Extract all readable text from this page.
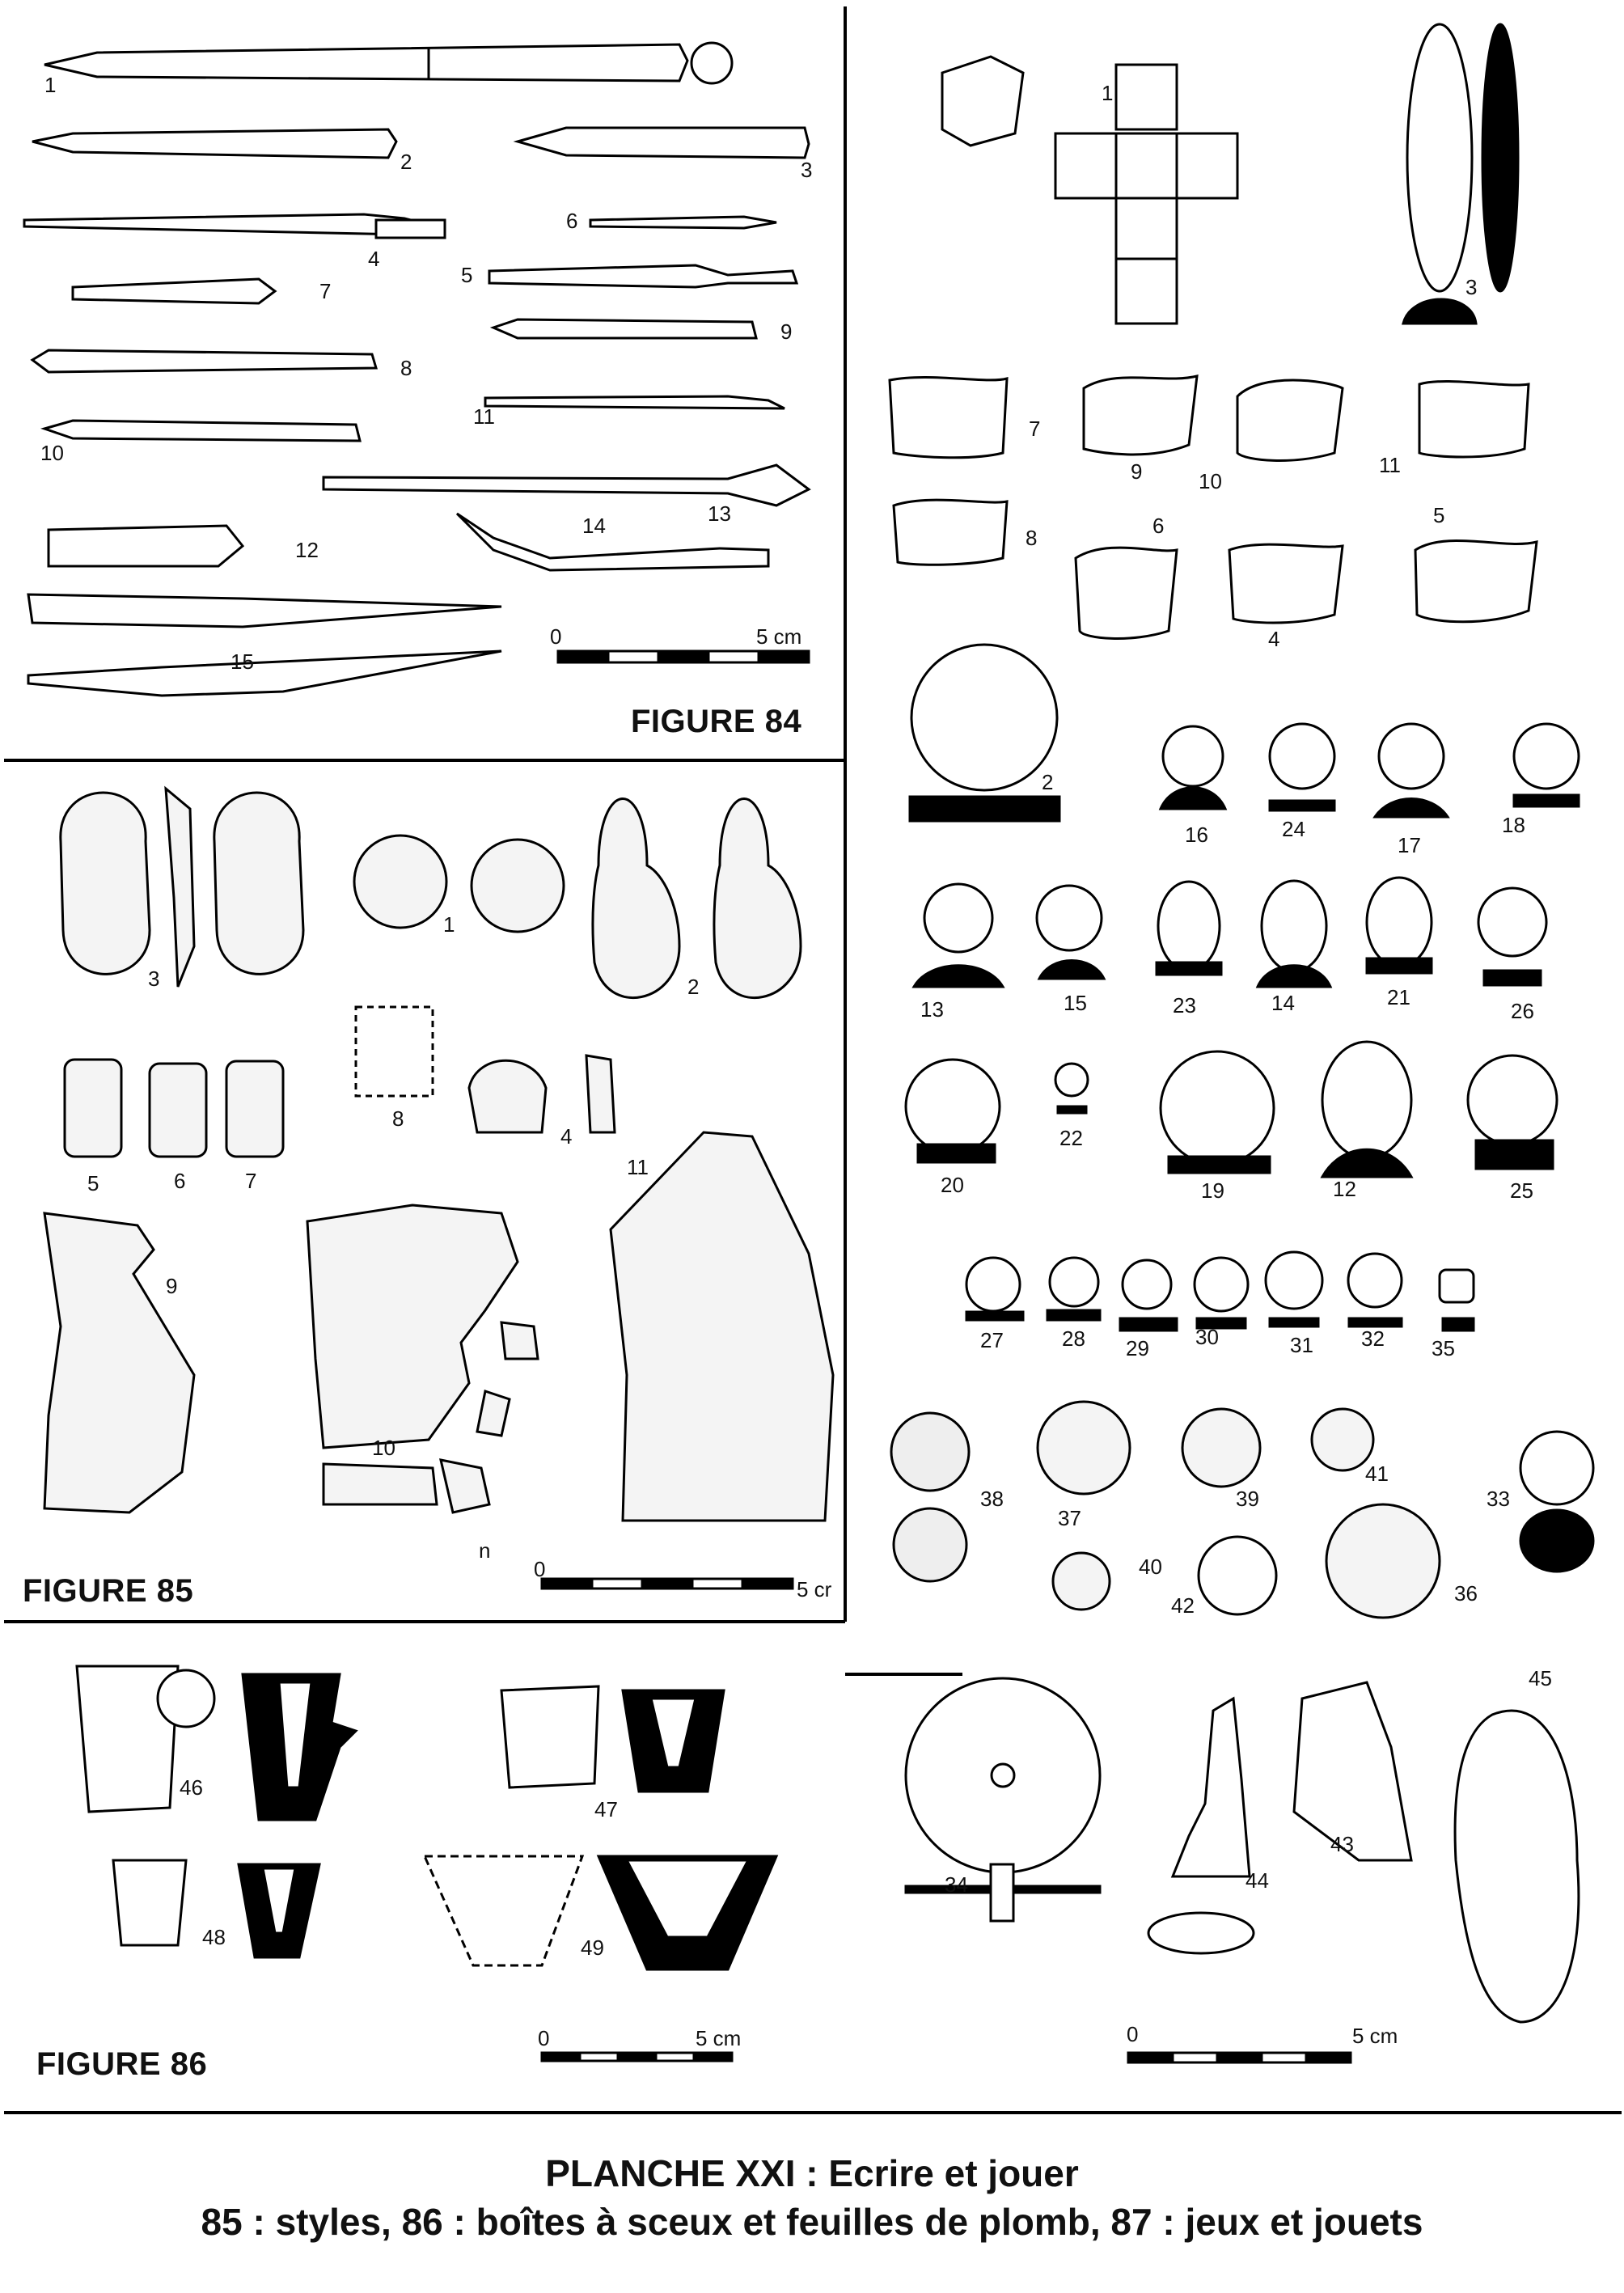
FIGURE 84
FIGURE 85
FIGURE 86
0	5 cm
0
5 cr
0	5 cm	0	5 cm
1
2	3
4
6
5
7
9
8
11
10
13
14
12
15
3
1
2
8
4
5	6	7
9
11
10
n
46
47
48	49
1
3
7
9	10
11
8	6
4
5
2
16	24
17
18
13	15	23	14	21
26
20
22
19	12	25
27	28 29 30	31 32 35
38
37
39
41
33
40
42	36
34
43
44
45
PLANCHE XXI : Ecrire et jouer
85 : styles, 86 : boîtes à sceux et feuilles de plomb, 87 : jeux et jouets
